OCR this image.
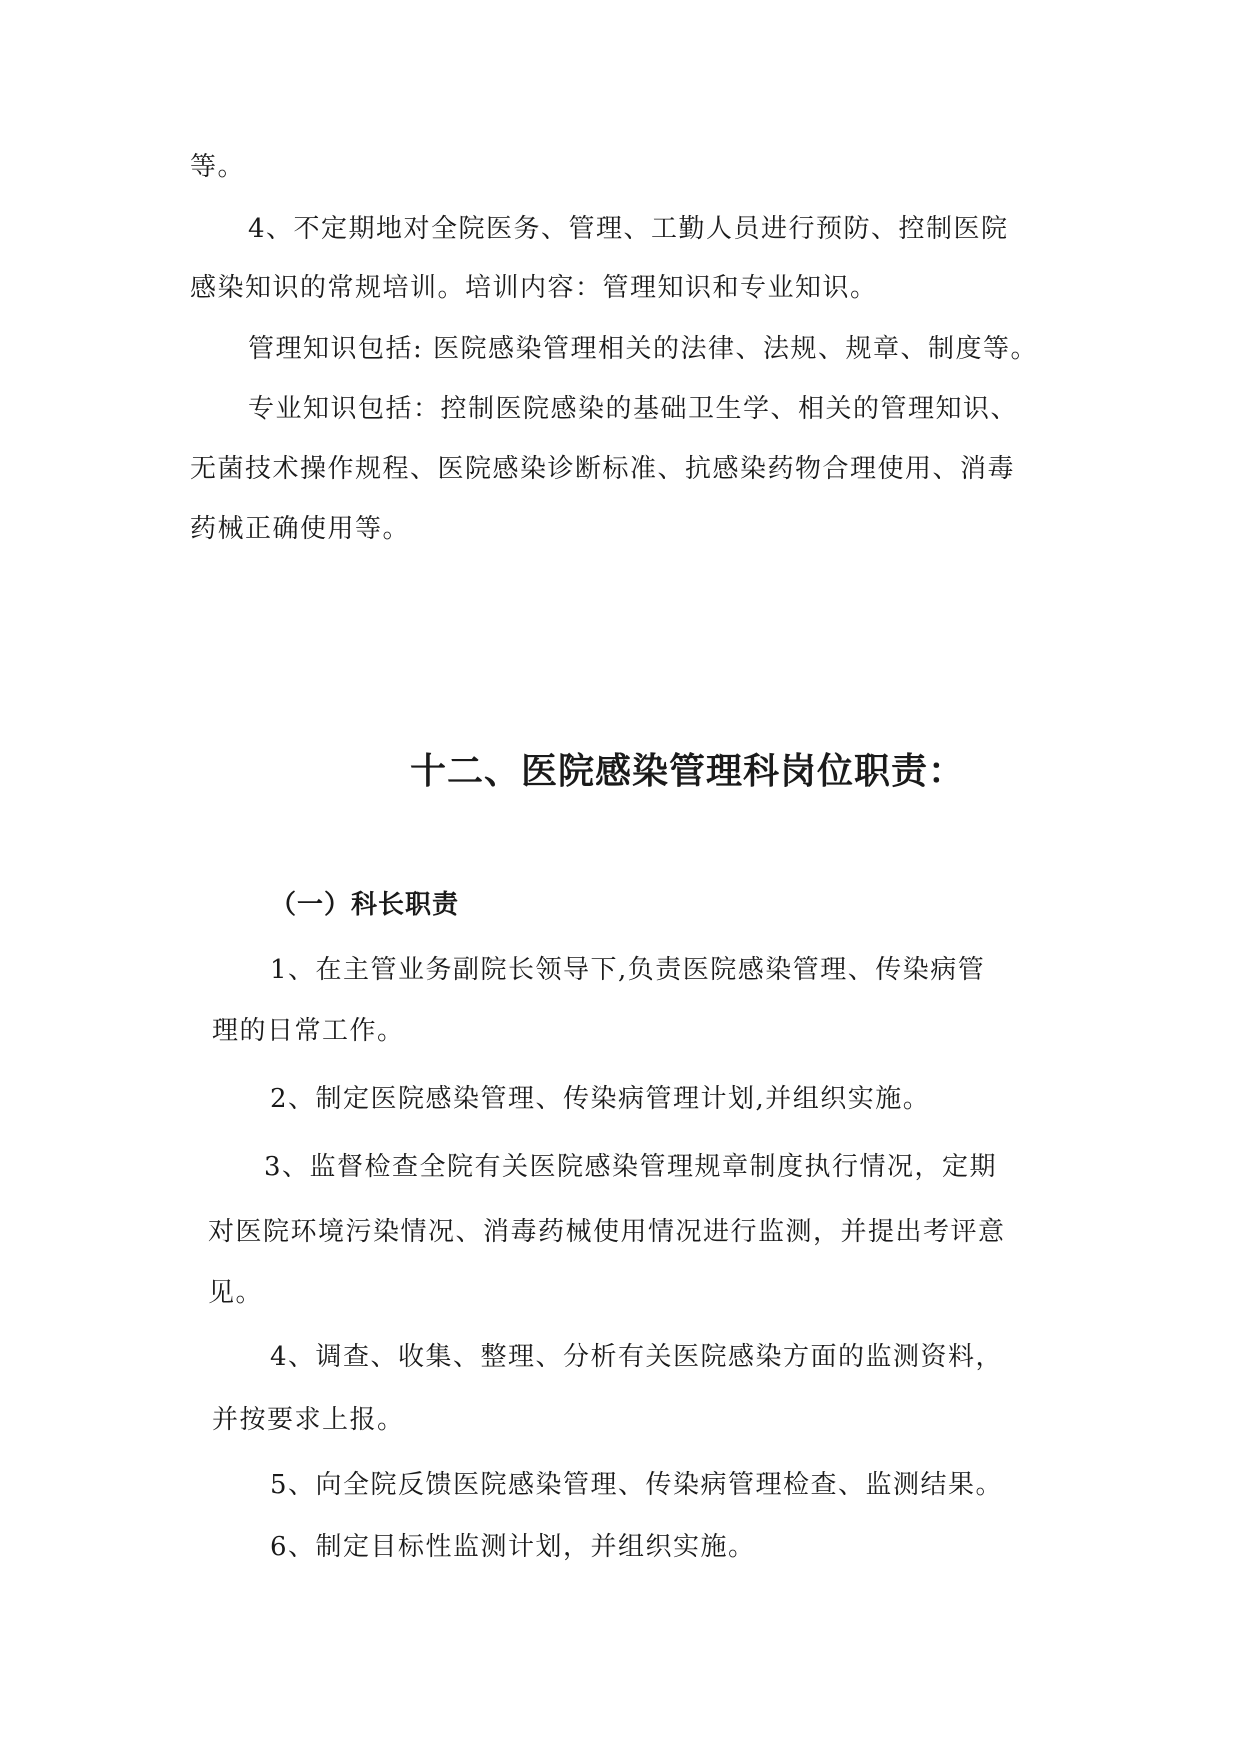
等。

4、不定期地对全院医务、管理、工勤人员进行预防、控制医院

感染知识的常规培训。培训内容：管理知识和专业知识。

管理知识包括: 医院感染管理相关的法律、法规、规章、制度等。

专业知识包括：控制医院感染的基础卫生学、相关的管理知识、

无菌技术操作规程、医院感染诊断标准、抗感染药物合理使用、消毒

药械正确使用等。

十二、医院感染管理科岗位职责：
（一）科长职责

1、在主管业务副院长领导下,负责医院感染管理、传染病管

理的日常工作。

2、制定医院感染管理、传染病管理计划,并组织实施。

3、监督检查全院有关医院感染管理规章制度执行情况，定期

对医院环境污染情况、消毒药械使用情况进行监测，并提出考评意

见。

4、调查、收集、整理、分析有关医院感染方面的监测资料，

并按要求上报。

5、向全院反馈医院感染管理、传染病管理检查、监测结果。

6、制定目标性监测计划，并组织实施。
